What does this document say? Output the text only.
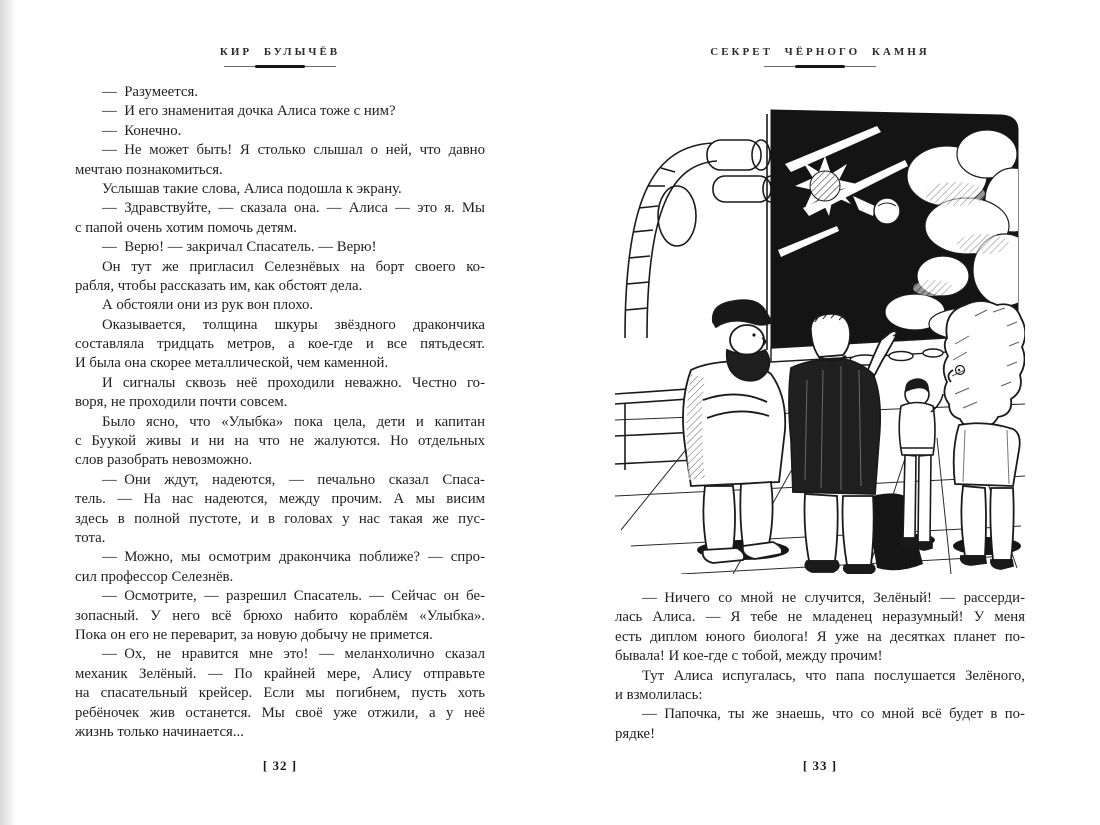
КИР БУЛЫЧЁВ
— Разумеется.
— И его знаменитая дочка Алиса тоже с ним?
— Конечно.
— Не может быть! Я столько слышал о ней, что давно
мечтаю познакомиться.
Услышав такие слова, Алиса подошла к экрану.
— Здравствуйте, — сказала она. — Алиса — это я. Мы
с папой очень хотим помочь детям.
— Верю! — закричал Спасатель. — Верю!
Он тут же пригласил Селезнёвых на борт своего ко-
рабля, чтобы рассказать им, как обстоят дела.
А обстояли они из рук вон плохо.
Оказывается, толщина шкуры звёздного дракончика
составляла тридцать метров, а кое-где и все пятьдесят.
И была она скорее металлической, чем каменной.
И сигналы сквозь неё проходили неважно. Честно го-
воря, не проходили почти совсем.
Было ясно, что «Улыбка» пока цела, дети и капитан
с Буукой живы и ни на что не жалуются. Но отдельных
слов разобрать невозможно.
— Они ждут, надеются, — печально сказал Спаса-
тель. — На нас надеются, между прочим. А мы висим
здесь в полной пустоте, и в головах у нас такая же пус-
тота.
— Можно, мы осмотрим дракончика поближе? — спро-
сил профессор Селезнёв.
— Осмотрите, — разрешил Спасатель. — Сейчас он бе-
зопасный. У него всё брюхо набито кораблём «Улыбка».
Пока он его не переварит, за новую добычу не примется.
— Ох, не нравится мне это! — меланхолично сказал
механик Зелёный. — По крайней мере, Алису отправьте
на спасательный крейсер. Если мы погибнем, пусть хоть
ребёночек жив останется. Мы своё уже отжили, а у неё
жизнь только начинается...
[ 32 ]
СЕКРЕТ ЧЁРНОГО КАМНЯ
— Ничего со мной не случится, Зелёный! — рассерди-
лась Алиса. — Я тебе не младенец неразумный! У меня
есть диплом юного биолога! Я уже на десятках планет по-
бывала! И кое-где с тобой, между прочим!
Тут Алиса испугалась, что папа послушается Зелёного,
и взмолилась:
— Папочка, ты же знаешь, что со мной всё будет в по-
рядке!
[ 33 ]
